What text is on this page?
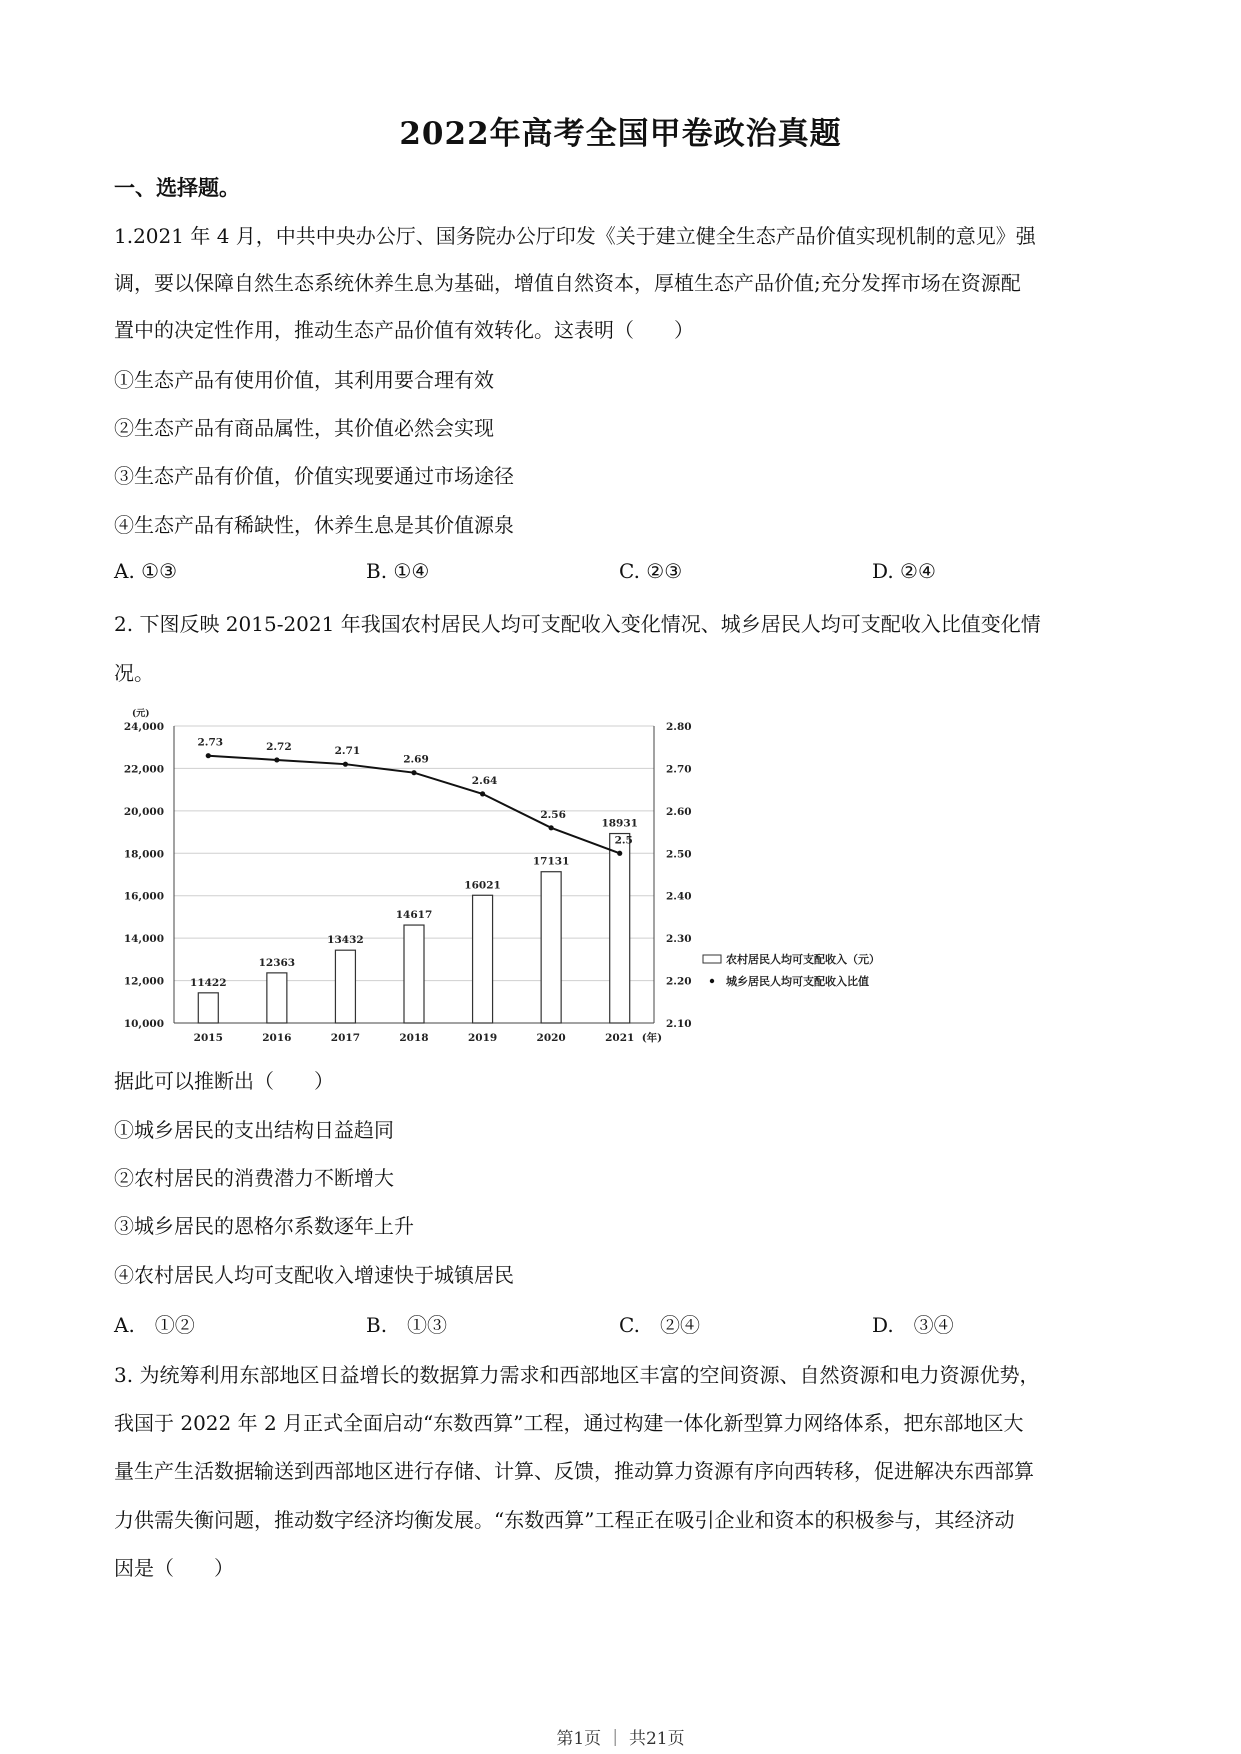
2022年高考全国甲卷政治真题
一、选择题。
1.2021 年 4 月，中共中央办公厅、国务院办公厅印发《关于建立健全生态产品价值实现机制的意见》强
调，要以保障自然生态系统休养生息为基础，增值自然资本，厚植生态产品价值;充分发挥市场在资源配
置中的决定性作用，推动生态产品价值有效转化。这表明（　　）
①生态产品有使用价值，其利用要合理有效
②生态产品有商品属性，其价值必然会实现
③生态产品有价值，价值实现要通过市场途径
④生态产品有稀缺性，休养生息是其价值源泉
A. ①③	B. ①④	C. ②③	D. ②④
2. 下图反映 2015-2021 年我国农村居民人均可支配收入变化情况、城乡居民人均可支配收入比值变化情
况。
10,000
12,000
14,000
16,000
18,000
20,000
22,000
24,000
2.10
2.20
2.30
2.40
2.50
2.60
2.70
2.80
(元)
11422
12363
13432
14617
16021
17131
18931
2015	2016	2017	2018	2019	2020	2021 (年)
2.73	2.72	2.71
2.69
2.64
2.56
2.5
农村居民人均可支配收入（元）
城乡居民人均可支配收入比值
据此可以推断出（　　）
①城乡居民的支出结构日益趋同
②农村居民的消费潜力不断增大
③城乡居民的恩格尔系数逐年上升
④农村居民人均可支配收入增速快于城镇居民
A.　①②	B.　①③	C.　②④	D.　③④
3. 为统筹利用东部地区日益增长的数据算力需求和西部地区丰富的空间资源、自然资源和电力资源优势，
我国于 2022 年 2 月正式全面启动“东数西算”工程，通过构建一体化新型算力网络体系，把东部地区大
量生产生活数据输送到西部地区进行存储、计算、反馈，推动算力资源有序向西转移，促进解决东西部算
力供需失衡问题，推动数字经济均衡发展。“东数西算”工程正在吸引企业和资本的积极参与，其经济动
因是（　　）
第1页 ｜ 共21页
